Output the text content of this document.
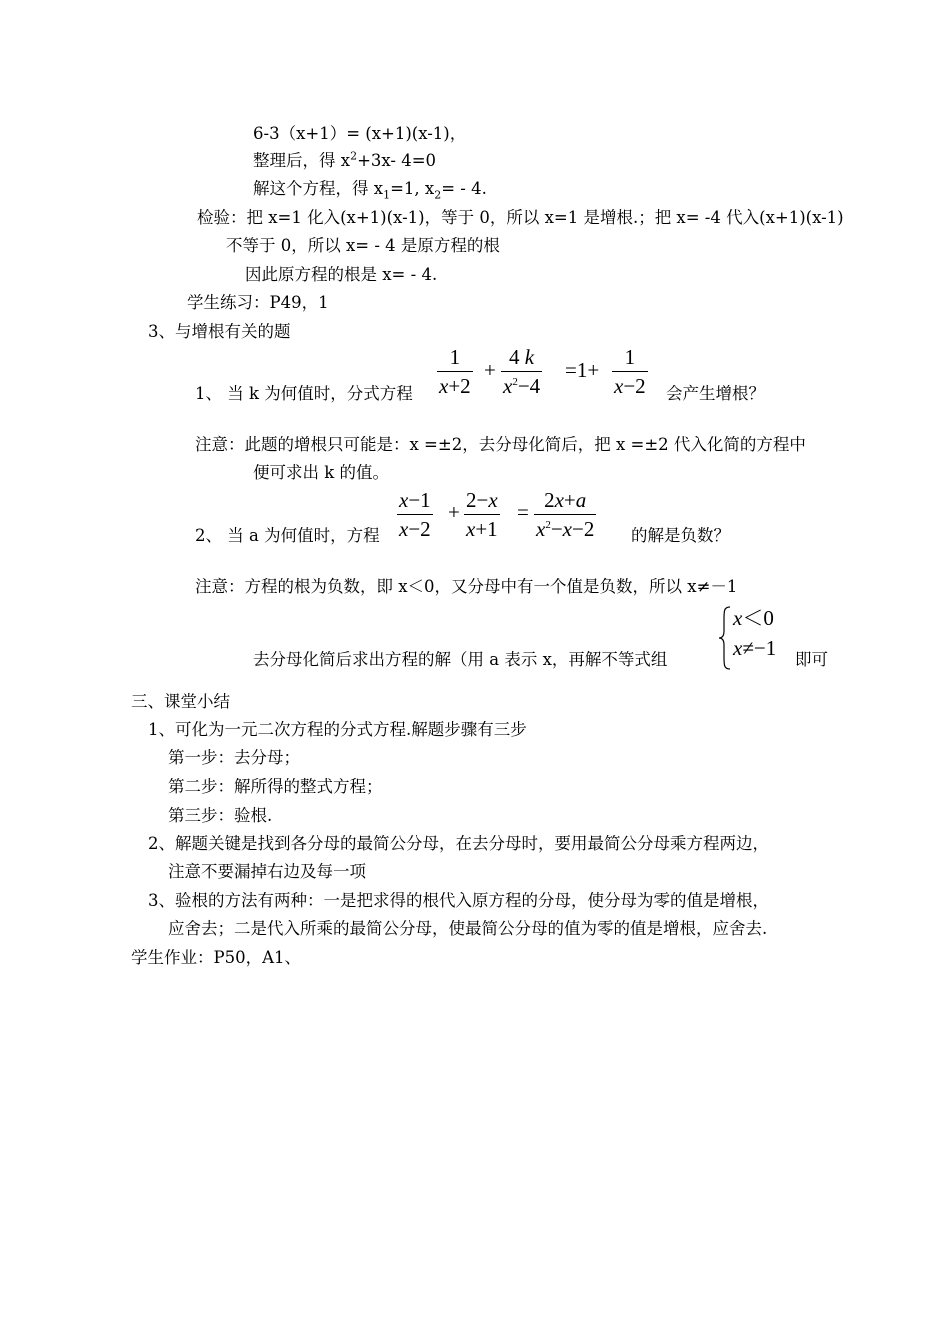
6-3（x+1）= (x+1)(x-1)，
整理后，得 $x^2+3x-$ 4=0
解这个方程，得 $x_1=1$, $x_2= - 4$.
检验：把 x=1 化入(x+1)(x-1)，等于 0，所以 x=1 是增根.；把 x= -4 代入(x+1)(x-1)
不等于 0，所以 x= - 4 是原方程的根
因此原方程的根是 x= - 4.
学生练习：P49，1
3、与增根有关的题
1、 当 k 为何值时，分式方程 $\frac{1}{x+2} + \frac{4 k}{x^2-4} =1+ \frac{1}{x-2}$ 会产生增根？
注意：此题的增根只可能是：x =±2，去分母化简后，把 x =±2 代入化简的方程中
便可求出 k 的值。
2、 当 a 为何值时，方程 $\frac{x-1}{x-2} + \frac{2-x}{x+1} = \frac{2x+a}{x^2-x-2}$ 的解是负数？
注意：方程的根为负数，即 x＜0，又分母中有一个值是负数，所以 x≠－1
去分母化简后求出方程的解（用 a 表示 x，再解不等式组
x＜0
x≠−1 即可
三、课堂小结
1、可化为一元二次方程的分式方程.解题步骤有三步
第一步：去分母；
第二步：解所得的整式方程；
第三步：验根.
2、解题关键是找到各分母的最简公分母，在去分母时，要用最简公分母乘方程两边，
注意不要漏掉右边及每一项
3、验根的方法有两种：一是把求得的根代入原方程的分母，使分母为零的值是增根，
应舍去；二是代入所乘的最简公分母，使最简公分母的值为零的值是增根，应舍去.
学生作业：P50，A1、
